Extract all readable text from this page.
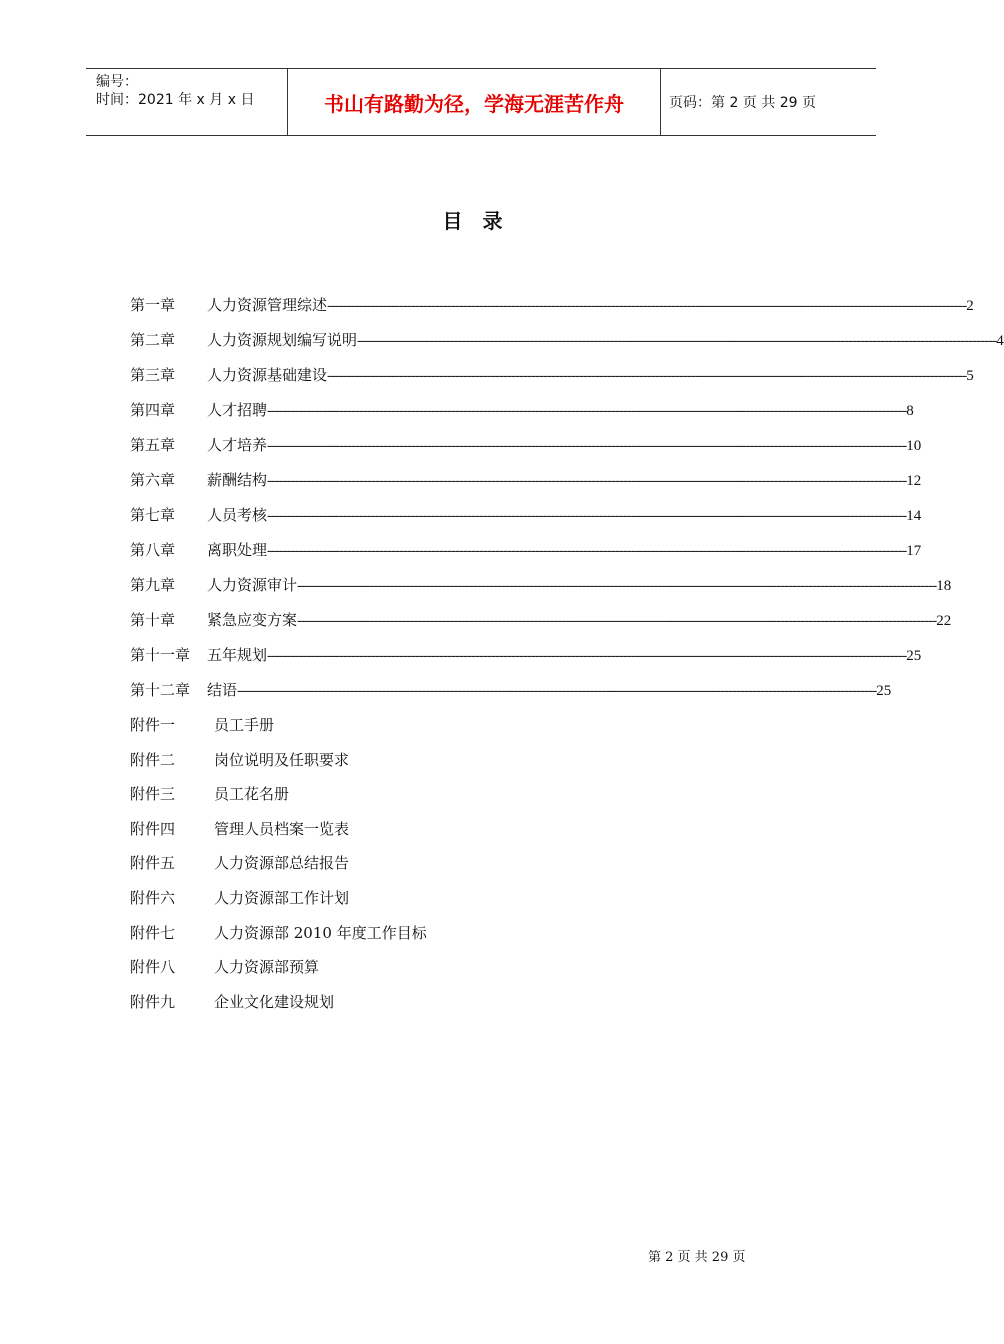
编号：
时间：2021 年 x 月 x 日	书山有路勤为径，学海无涯苦作舟	页码：第 2 页 共 29 页
目录
第一章	人力资源管理综述 ---------------------------------------------------------------------------------------------------------------------------------------------------------------- 2
第二章	人力资源规划编写说明 ---------------------------------------------------------------------------------------------------------------------------------------------------------------- 4
第三章	人力资源基础建设 ---------------------------------------------------------------------------------------------------------------------------------------------------------------- 5
第四章	人才招聘 ---------------------------------------------------------------------------------------------------------------------------------------------------------------- 8
第五章	人才培养 ---------------------------------------------------------------------------------------------------------------------------------------------------------------- 10
第六章	薪酬结构 ---------------------------------------------------------------------------------------------------------------------------------------------------------------- 12
第七章	人员考核 ---------------------------------------------------------------------------------------------------------------------------------------------------------------- 14
第八章	离职处理 ---------------------------------------------------------------------------------------------------------------------------------------------------------------- 17
第九章	人力资源审计 ---------------------------------------------------------------------------------------------------------------------------------------------------------------- 18
第十章	紧急应变方案 ---------------------------------------------------------------------------------------------------------------------------------------------------------------- 22
第十一章	五年规划 ---------------------------------------------------------------------------------------------------------------------------------------------------------------- 25
第十二章	结语 ---------------------------------------------------------------------------------------------------------------------------------------------------------------- 25
附件一	员工手册
附件二	岗位说明及任职要求
附件三	员工花名册
附件四	管理人员档案一览表
附件五	人力资源部总结报告
附件六	人力资源部工作计划
附件七	人力资源部 2010 年度工作目标
附件八	人力资源部预算
附件九	企业文化建设规划
第 2 页 共 29 页
